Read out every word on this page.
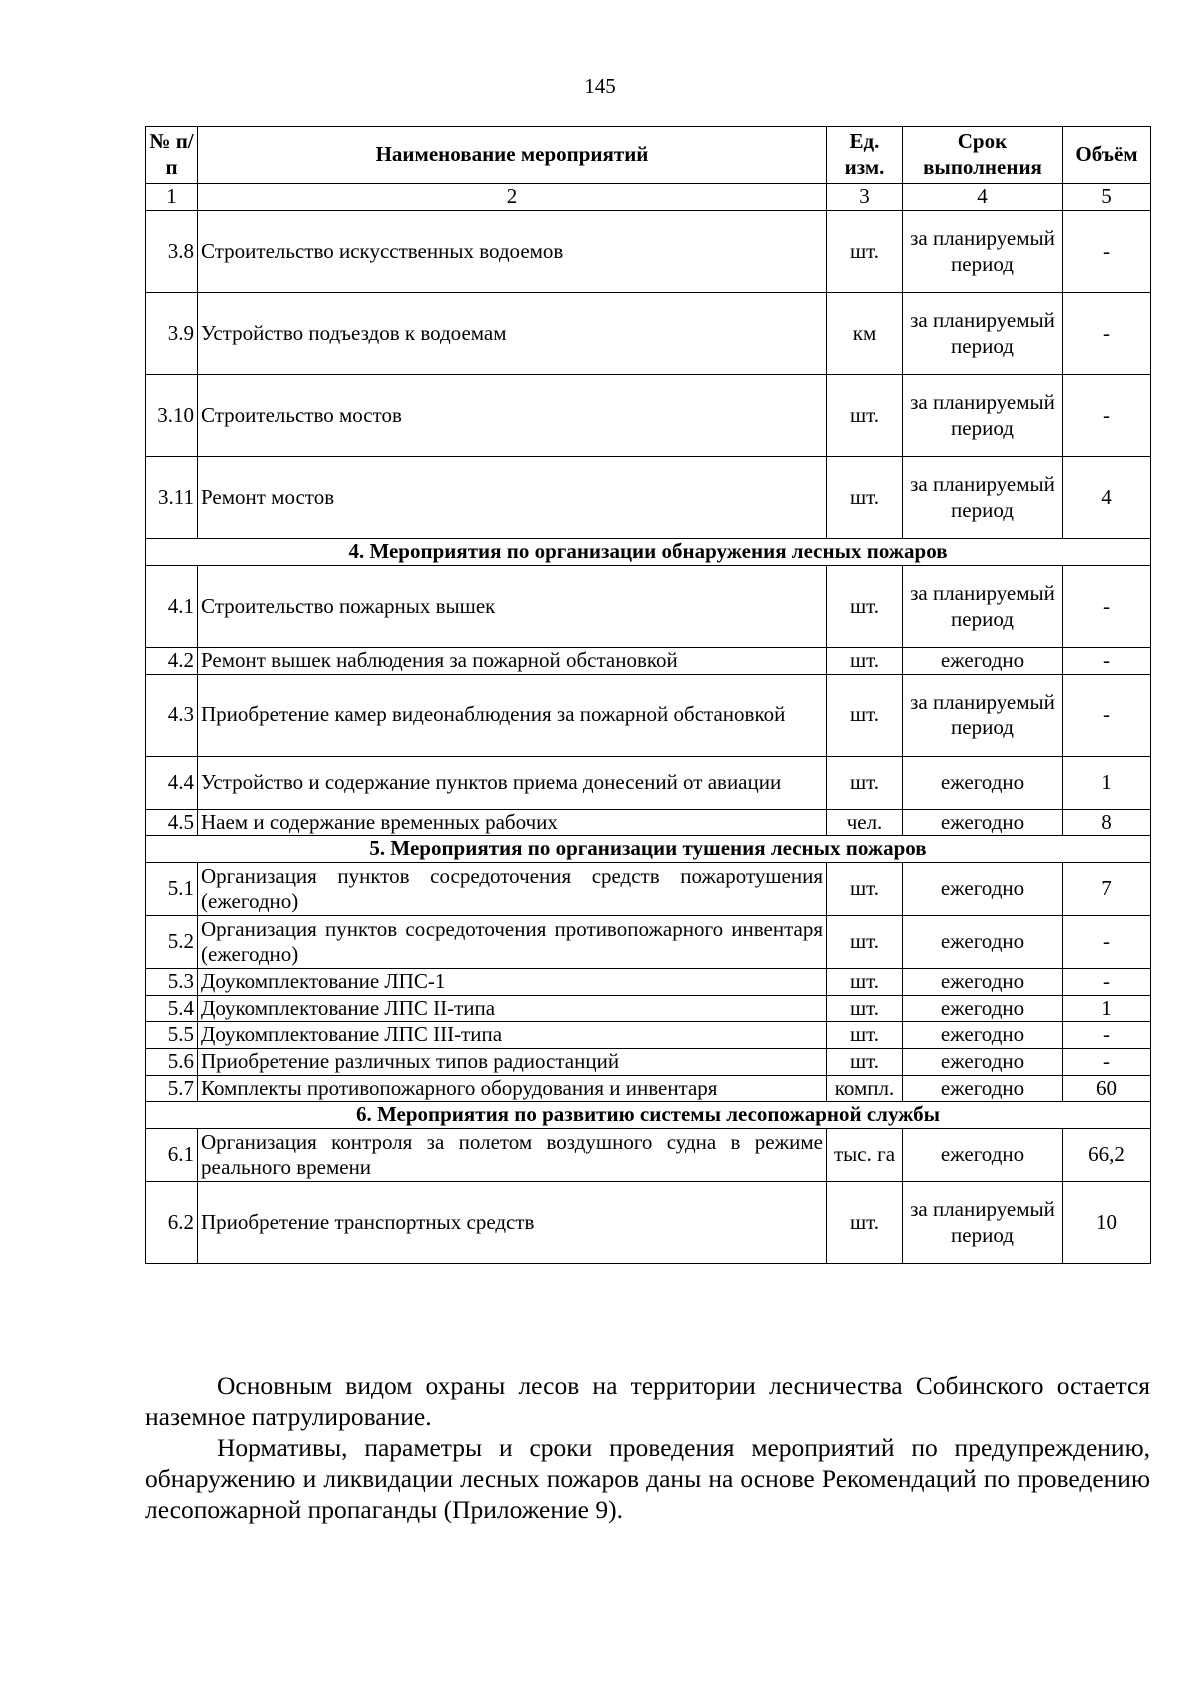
145
№ п/п	Наименование мероприятий	Ед. изм.	Срок выполнения	Объём
1	2	3	4	5
3.8	Строительство искусственных водоемов	шт.	за планируемый период	-
3.9	Устройство подъездов к водоемам	км	за планируемый период	-
3.10	Строительство мостов	шт.	за планируемый период	-
3.11	Ремонт мостов	шт.	за планируемый период	4
4. Мероприятия по организации обнаружения лесных пожаров				
4.1	Строительство пожарных вышек	шт.	за планируемый период	-
4.2	Ремонт вышек наблюдения за пожарной обстановкой	шт.	ежегодно	-
4.3	Приобретение камер видеонаблюдения за пожарной обстановкой	шт.	за планируемый период	-
4.4	Устройство и содержание пунктов приема донесений от авиации	шт.	ежегодно	1
4.5	Наем и содержание временных рабочих	чел.	ежегодно	8
5. Мероприятия по организации тушения лесных пожаров				
5.1	Организация пунктов сосредоточения средств пожаротушения (ежегодно)	шт.	ежегодно	7
5.2	Организация пунктов сосредоточения противопожарного инвентаря (ежегодно)	шт.	ежегодно	-
5.3	Доукомплектование ЛПС-1	шт.	ежегодно	-
5.4	Доукомплектование ЛПС II-типа	шт.	ежегодно	1
5.5	Доукомплектование ЛПС III-типа	шт.	ежегодно	-
5.6	Приобретение различных типов радиостанций	шт.	ежегодно	-
5.7	Комплекты противопожарного оборудования и инвентаря	компл.	ежегодно	60
6. Мероприятия по развитию системы лесопожарной службы				
6.1	Организация контроля за полетом воздушного судна в режиме реального времени	тыс. га	ежегодно	66,2
6.2	Приобретение транспортных средств	шт.	за планируемый период	10

Основным видом охраны лесов на территории лесничества Собинского остается наземное патрулирование.

Нормативы, параметры и сроки проведения мероприятий по предупреждению, обнаружению и ликвидации лесных пожаров даны на основе Рекомендаций по проведению лесопожарной пропаганды (Приложение 9).
